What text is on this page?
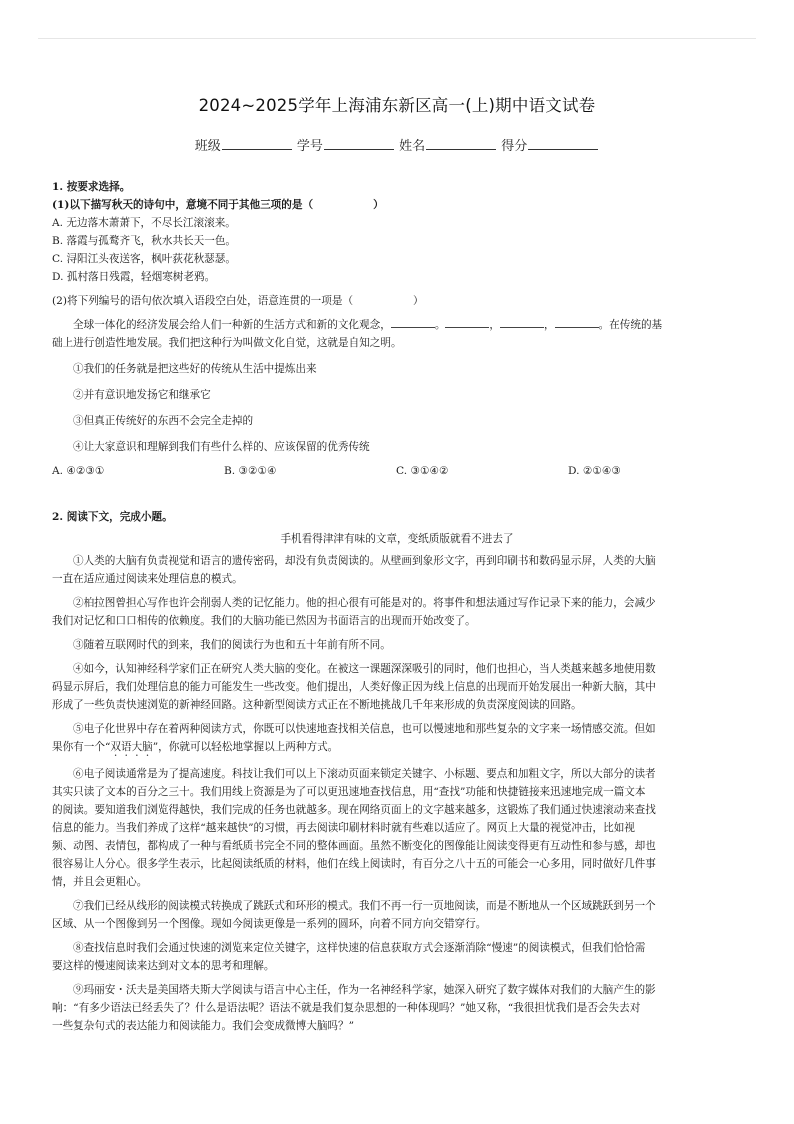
2024~2025学年上海浦东新区高一(上)期中语文试卷
班级	学号	姓名	得分

1. 按要求选择。

(1)以下描写秋天的诗句中，意境不同于其他三项的是（	）

A. 无边落木萧萧下，不尽长江滚滚来。

B. 落霞与孤鹜齐飞，秋水共长天一色。

C. 浔阳江头夜送客，枫叶荻花秋瑟瑟。

D. 孤村落日残霞，轻烟寒树老鸦。

(2)将下列编号的语句依次填入语段空白处，语意连贯的一项是（	）

全球一体化的经济发展会给人们一种新的生活方式和新的文化观念，	。	，	，	。在传统的基

础上进行创造性地发展。我们把这种行为叫做文化自觉，这就是自知之明。

①我们的任务就是把这些好的传统从生活中提炼出来

②并有意识地发扬它和继承它

③但真正传统好的东西不会完全走掉的

④让大家意识和理解到我们有些什么样的、应该保留的优秀传统

A. ④②③①	B. ③②①④	C. ③①④②	D. ②①④③

2. 阅读下文，完成小题。

手机看得津津有味的文章，变纸质版就看不进去了

①人类的大脑有负责视觉和语言的遗传密码，却没有负责阅读的。从壁画到象形文字，再到印刷书和数码显示屏，人类的大脑

一直在适应通过阅读来处理信息的模式。

②柏拉图曾担心写作也许会削弱人类的记忆能力。他的担心很有可能是对的。将事件和想法通过写作记录下来的能力，会减少

我们对记忆和口口相传的依赖度。我们的大脑功能已然因为书面语言的出现而开始改变了。

③随着互联网时代的到来，我们的阅读行为也和五十年前有所不同。

④如今，认知神经科学家们正在研究人类大脑的变化。在被这一课题深深吸引的同时，他们也担心，当人类越来越多地使用数

码显示屏后，我们处理信息的能力可能发生一些改变。他们提出，人类好像正因为线上信息的出现而开始发展出一种新大脑，其中

形成了一些负责快速浏览的新神经回路。这种新型阅读方式正在不断地挑战几千年来形成的负责深度阅读的回路。

⑤电子化世界中存在着两种阅读方式，你既可以快速地查找相关信息，也可以慢速地和那些复杂的文字来一场情感交流。但如

果你有一个“双语大脑”，你就可以轻松地掌握以上两种方式。

⑥电子阅读通常是为了提高速度。科技让我们可以上下滚动页面来锁定关键字、小标题、要点和加粗文字，所以大部分的读者

其实只读了文本的百分之三十。我们用线上资源是为了可以更迅速地查找信息，用“查找”功能和快捷链接来迅速地完成一篇文本

的阅读。要知道我们浏览得越快，我们完成的任务也就越多。现在网络页面上的文字越来越多，这锻炼了我们通过快速滚动来查找

信息的能力。当我们养成了这样“越来越快”的习惯，再去阅读印刷材料时就有些难以适应了。网页上大量的视觉冲击，比如视

频、动图、表情包，都构成了一种与看纸质书完全不同的整体画面。虽然不断变化的图像能让阅读变得更有互动性和参与感，却也

很容易让人分心。很多学生表示，比起阅读纸质的材料，他们在线上阅读时，有百分之八十五的可能会一心多用，同时做好几件事

情，并且会更粗心。

⑦我们已经从线形的阅读模式转换成了跳跃式和环形的模式。我们不再一行一页地阅读，而是不断地从一个区域跳跃到另一个

区域、从一个图像到另一个图像。现如今阅读更像是一系列的圆环，向着不同方向交错穿行。

⑧查找信息时我们会通过快速的浏览来定位关键字，这样快速的信息获取方式会逐渐消除“慢速”的阅读模式，但我们恰恰需

要这样的慢速阅读来达到对文本的思考和理解。

⑨玛丽安・沃夫是美国塔夫斯大学阅读与语言中心主任，作为一名神经科学家，她深入研究了数字媒体对我们的大脑产生的影

响：“有多少语法已经丢失了？什么是语法呢？语法不就是我们复杂思想的一种体现吗？”她又称，“我很担忧我们是否会失去对

一些复杂句式的表达能力和阅读能力。我们会变成微博大脑吗？”
